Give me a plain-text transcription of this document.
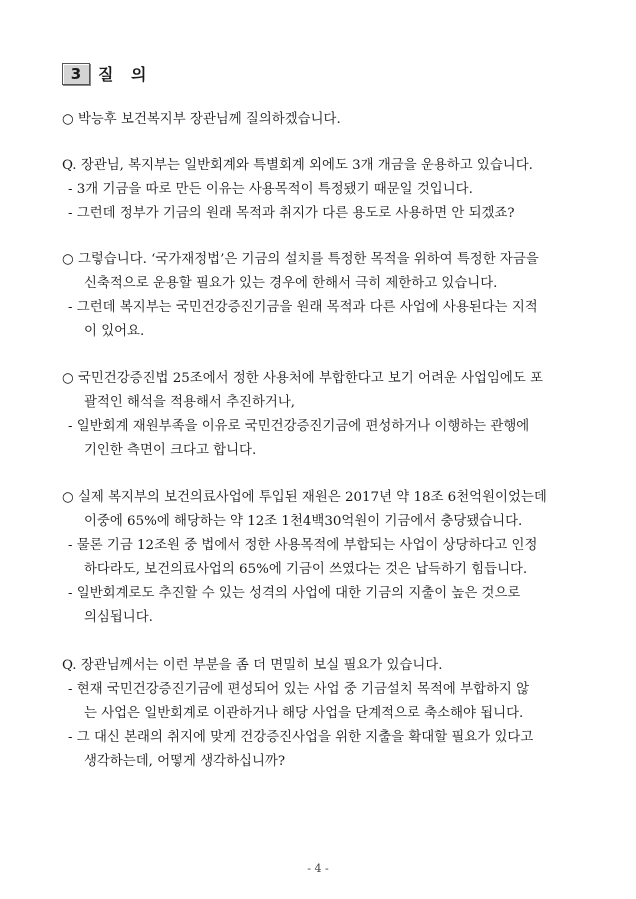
3	질 의
○ 박능후 보건복지부 장관님께 질의하겠습니다.
Q. 장관님, 복지부는 일반회계와 특별회계 외에도 3개 개금을 운용하고 있습니다.
- 3개 기금을 따로 만든 이유는 사용목적이 특정됐기 때문일 것입니다.
- 그런데 정부가 기금의 원래 목적과 취지가 다른 용도로 사용하면 안 되겠죠?
○ 그렇습니다. ‘국가재정법’은 기금의 설치를 특정한 목적을 위하여 특정한 자금을
신축적으로 운용할 필요가 있는 경우에 한해서 극히 제한하고 있습니다.
- 그런데 복지부는 국민건강증진기금을 원래 목적과 다른 사업에 사용된다는 지적
이 있어요.
○ 국민건강증진법 25조에서 정한 사용처에 부합한다고 보기 어려운 사업임에도 포
괄적인 해석을 적용해서 추진하거나,
- 일반회계 재원부족을 이유로 국민건강증진기금에 편성하거나 이행하는 관행에
기인한 측면이 크다고 합니다.
○ 실제 복지부의 보건의료사업에 투입된 재원은 2017년 약 18조 6천억원이었는데
이중에 65%에 해당하는 약 12조 1천4백30억원이 기금에서 충당됐습니다.
- 물론 기금 12조원 중 법에서 정한 사용목적에 부합되는 사업이 상당하다고 인정
하다라도, 보건의료사업의 65%에 기금이 쓰였다는 것은 납득하기 힘듭니다.
- 일반회계로도 추진할 수 있는 성격의 사업에 대한 기금의 지출이 높은 것으로
의심됩니다.
Q. 장관님께서는 이런 부분을 좀 더 면밀히 보실 필요가 있습니다.
- 현재 국민건강증진기금에 편성되어 있는 사업 중 기금설치 목적에 부합하지 않
는 사업은 일반회계로 이관하거나 해당 사업을 단계적으로 축소해야 됩니다.
- 그 대신 본래의 취지에 맞게 건강증진사업을 위한 지출을 확대할 필요가 있다고
생각하는데, 어떻게 생각하십니까?
- 4 -
